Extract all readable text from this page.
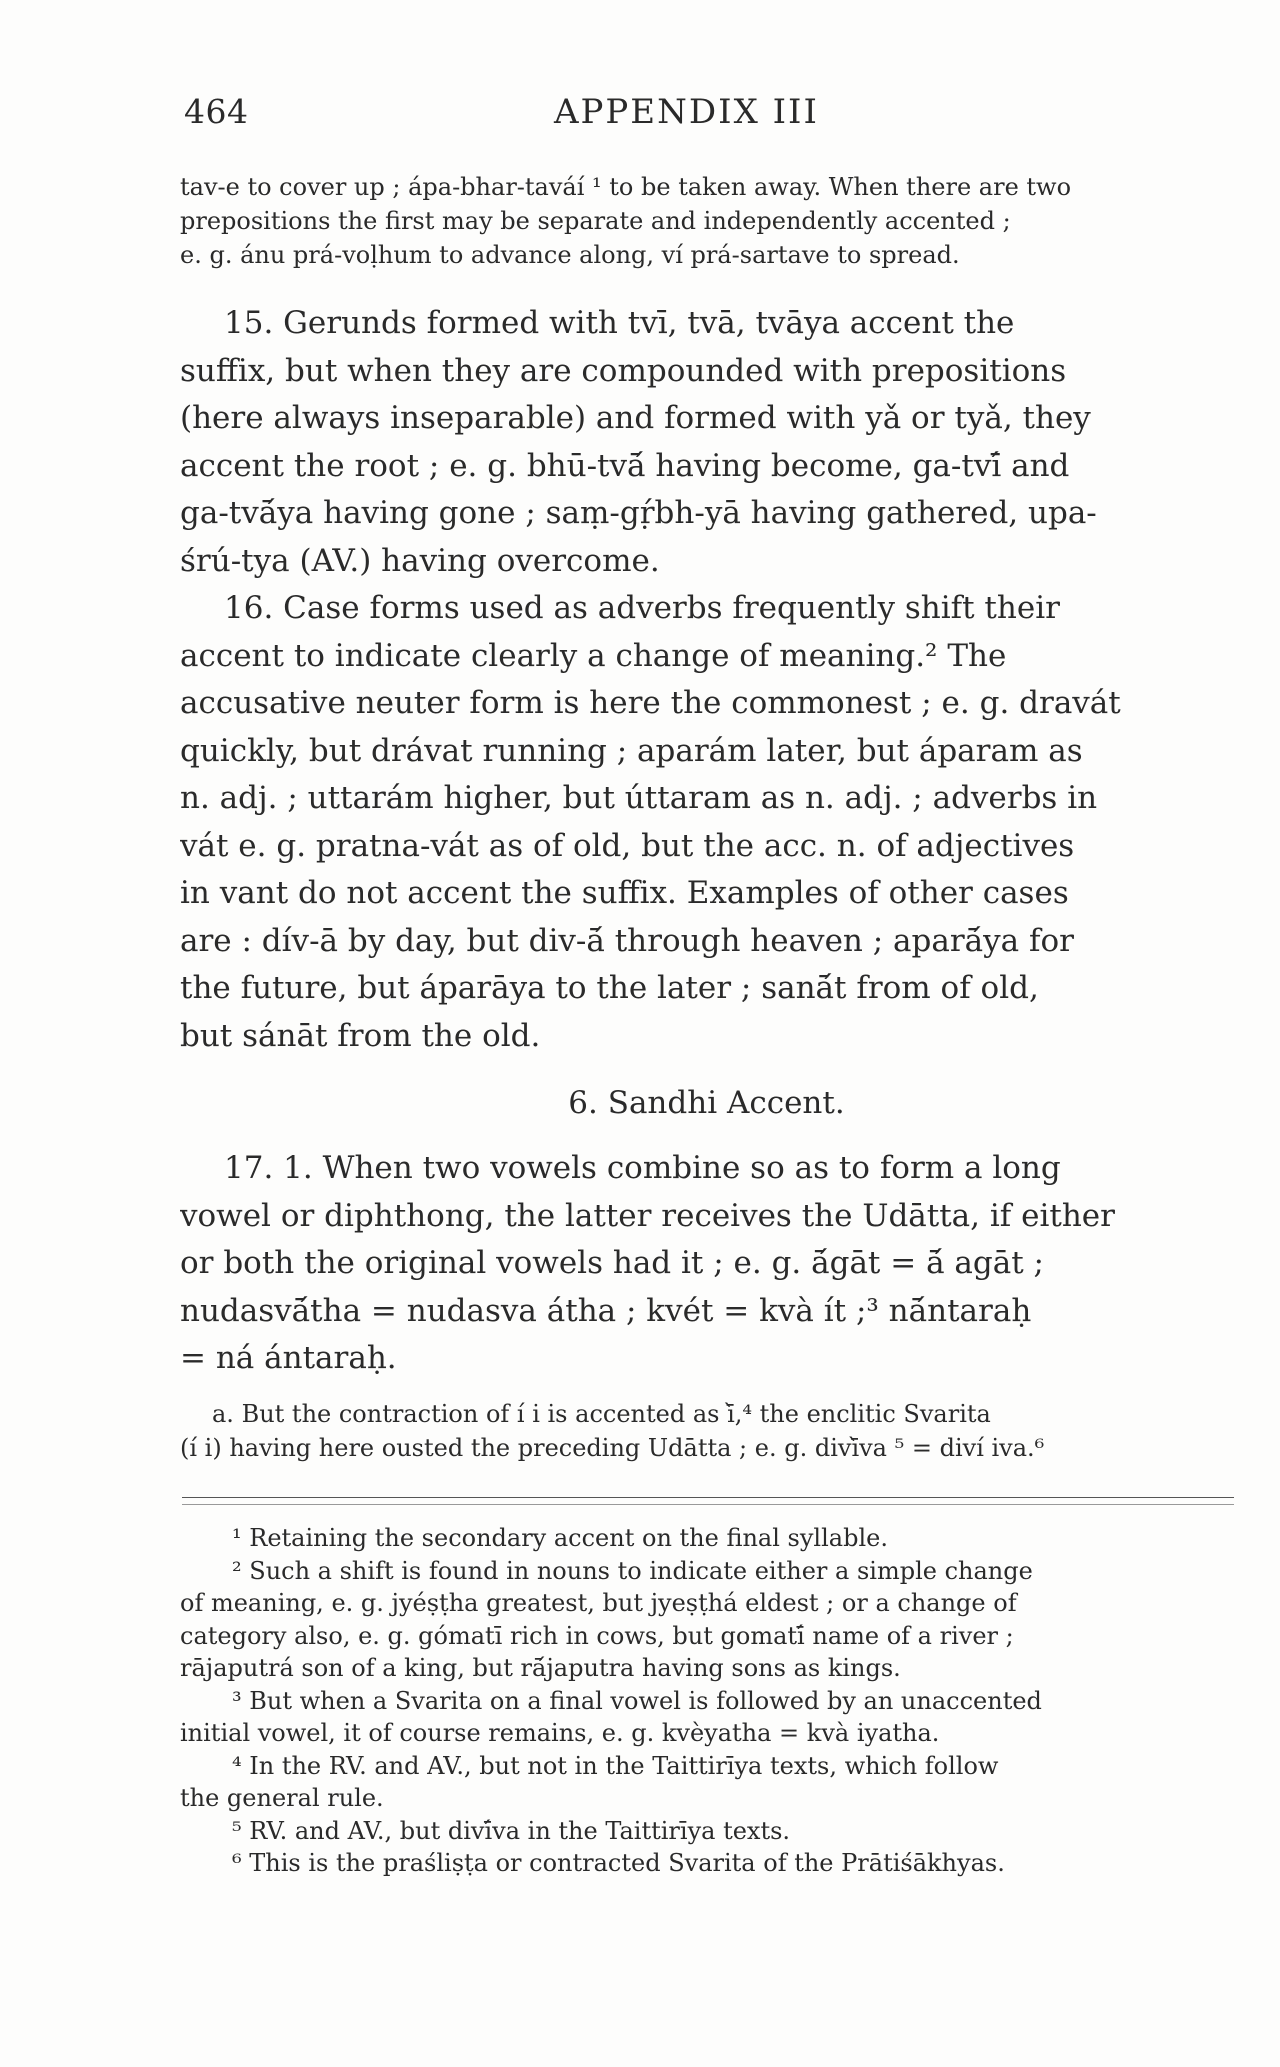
464	APPENDIX III
tav-e to cover up ; ápa-bhar-taváí ¹ to be taken away. When there are two
prepositions the first may be separate and independently accented ;
e. g. ánu prá-voḷhum to advance along, ví prá-sartave to spread.
15. Gerunds formed with tvī, tvā, tvāya accent the
suffix, but when they are compounded with prepositions
(here always inseparable) and formed with yǎ or tyǎ, they
accent the root ; e. g. bhū-tvā́ having become, ga-tvī́ and
ga-tvā́ya having gone ; saṃ-gṛ́bh-yā having gathered, upa-
śrú-tya (AV.) having overcome.
16. Case forms used as adverbs frequently shift their
accent to indicate clearly a change of meaning.² The
accusative neuter form is here the commonest ; e. g. dravát
quickly, but drávat running ; aparám later, but áparam as
n. adj. ; uttarám higher, but úttaram as n. adj. ; adverbs in
vát e. g. pratna-vát as of old, but the acc. n. of adjectives
in vant do not accent the suffix. Examples of other cases
are : dív-ā by day, but div-ā́ through heaven ; aparā́ya for
the future, but áparāya to the later ; sanā́t from of old,
but sánāt from the old.
6. Sandhi Accent.
17. 1. When two vowels combine so as to form a long
vowel or diphthong, the latter receives the Udātta, if either
or both the original vowels had it ; e. g. ā́gāt = ā́ agāt ;
nudasvā́tha = nudasva átha ; kvét = kvà ít ;³ nā́ntaraḥ
= ná ántaraḥ.
a. But the contraction of í i is accented as ī̀,⁴ the enclitic Svarita
(í i) having here ousted the preceding Udātta ; e. g. divī̀va ⁵ = diví iva.⁶
¹ Retaining the secondary accent on the final syllable.
² Such a shift is found in nouns to indicate either a simple change
of meaning, e. g. jyéṣṭha greatest, but jyeṣṭhá eldest ; or a change of
category also, e. g. gómatī rich in cows, but gomatī́ name of a river ;
rājaputrá son of a king, but rā́japutra having sons as kings.
³ But when a Svarita on a final vowel is followed by an unaccented
initial vowel, it of course remains, e. g. kvèyatha = kvà iyatha.
⁴ In the RV. and AV., but not in the Taittirīya texts, which follow
the general rule.
⁵ RV. and AV., but divī́va in the Taittirīya texts.
⁶ This is the praśliṣṭa or contracted Svarita of the Prātiśākhyas.
